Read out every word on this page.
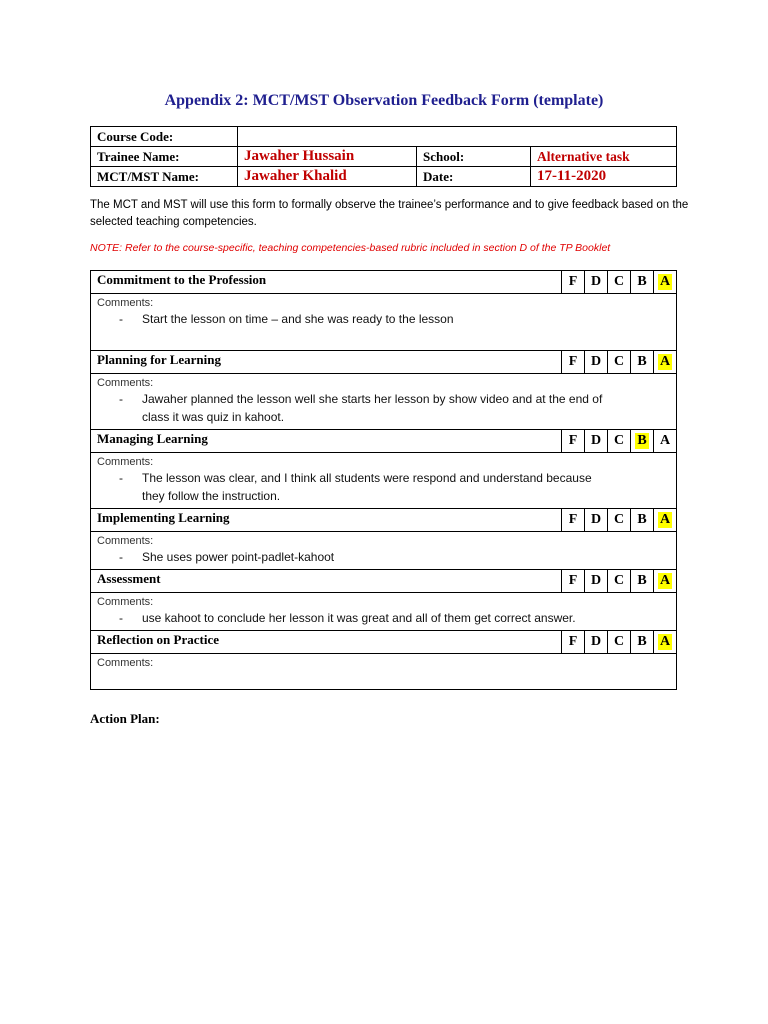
Appendix 2: MCT/MST Observation Feedback Form (template)
Course Code:			
Trainee Name:	Jawaher Hussain	School:	Alternative task
MCT/MST Name:	Jawaher Khalid	Date:	17-11-2020

The MCT and MST will use this form to formally observe the trainee’s performance and to give feedback based on the selected teaching competencies.

NOTE: Refer to the course-specific, teaching competencies-based rubric included in section D of the TP Booklet

Commitment to the Profession	F	D	C	B	A

Comments:
- Start the lesson on time – and she was ready to the lesson					

Planning for Learning	F	D	C	B	A

Comments:
- Jawaher planned the lesson well she starts her lesson by show video and at the end of
class it was quiz in kahoot.					

Managing Learning	F	D	C	B	A

Comments:
- The lesson was clear, and I think all students were respond and understand because
they follow the instruction.					

Implementing Learning	F	D	C	B	A

Comments:
- She uses power point-padlet-kahoot					

Assessment	F	D	C	B	A

Comments:
- use kahoot to conclude her lesson it was great and all of them get correct answer.					

Reflection on Practice	F	D	C	B	A

Comments:					
Action Plan:
